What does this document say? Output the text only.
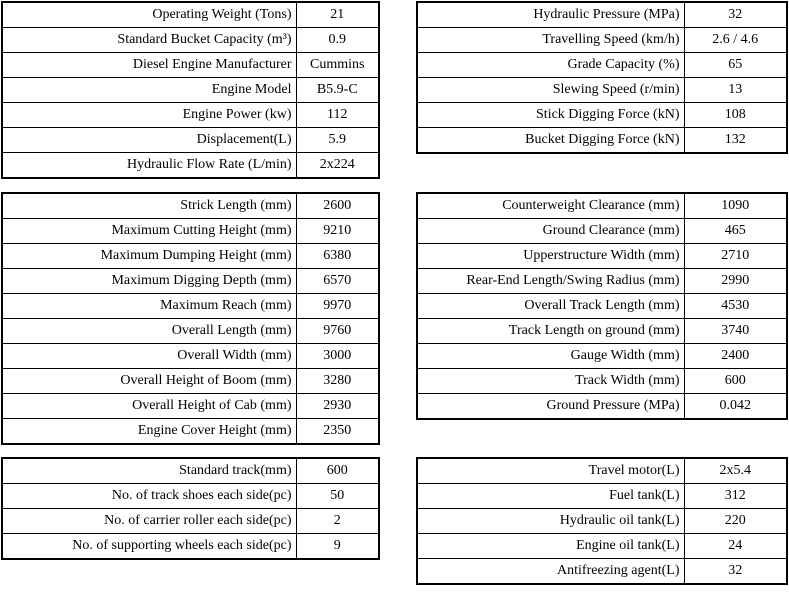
Operating Weight (Tons)	21
Standard Bucket Capacity (m³)	0.9
Diesel Engine Manufacturer	Cummins
Engine Model	B5.9-C
Engine Power (kw)	112
Displacement(L)	5.9
Hydraulic Flow Rate (L/min)	2x224
Hydraulic Pressure (MPa)	32
Travelling Speed (km/h)	2.6 / 4.6
Grade Capacity (%)	65
Slewing Speed (r/min)	13
Stick Digging Force (kN)	108
Bucket Digging Force (kN)	132
Strick Length (mm)	2600
Maximum Cutting Height (mm)	9210
Maximum Dumping Height (mm)	6380
Maximum Digging Depth (mm)	6570
Maximum Reach (mm)	9970
Overall Length (mm)	9760
Overall Width (mm)	3000
Overall Height of Boom (mm)	3280
Overall Height of Cab (mm)	2930
Engine Cover Height (mm)	2350
Counterweight Clearance (mm)	1090
Ground Clearance (mm)	465
Upperstructure Width (mm)	2710
Rear-End Length/Swing Radius (mm)	2990
Overall Track Length (mm)	4530
Track Length on ground (mm)	3740
Gauge Width (mm)	2400
Track Width (mm)	600
Ground Pressure (MPa)	0.042
Standard track(mm)	600
No. of track shoes each side(pc)	50
No. of carrier roller each side(pc)	2
No. of supporting wheels each side(pc)	9
Travel motor(L)	2x5.4
Fuel tank(L)	312
Hydraulic oil tank(L)	220
Engine oil tank(L)	24
Antifreezing agent(L)	32
